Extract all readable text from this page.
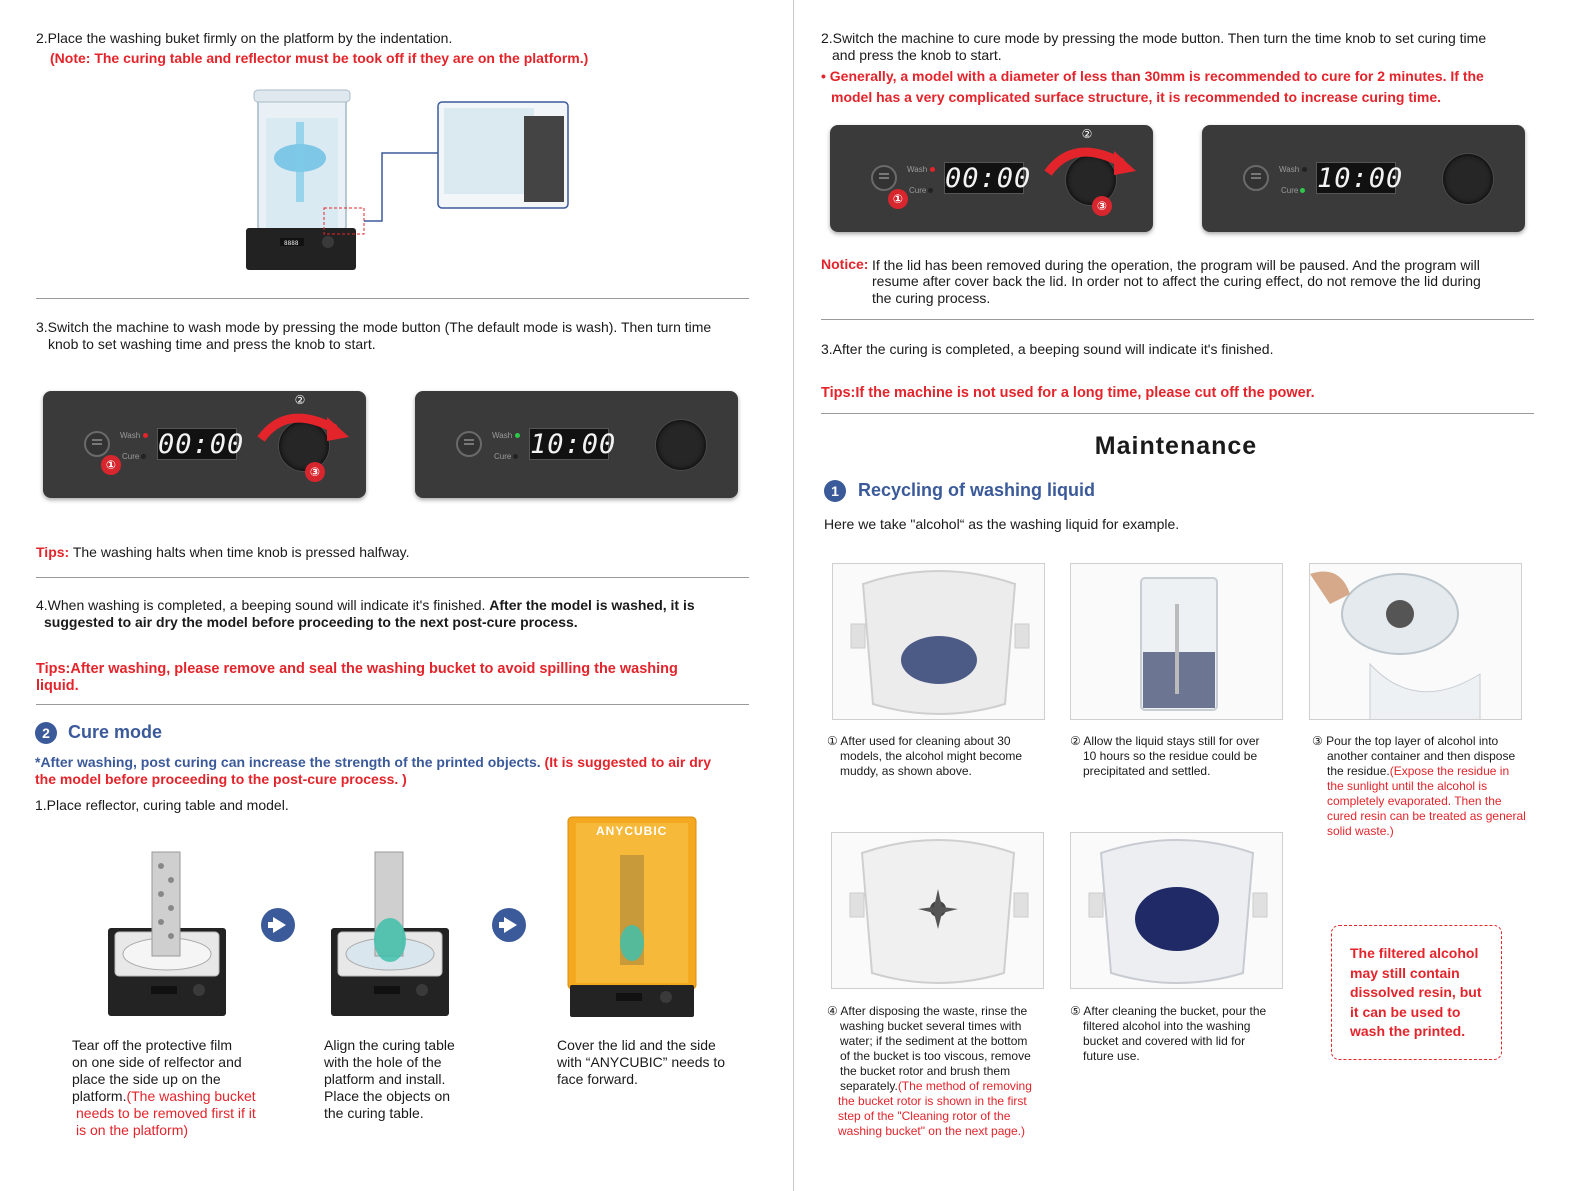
2.Place the washing buket firmly on the platform by the indentation.
(Note: The curing table and reflector must be took off if they are on the platform.)
8888
3.Switch the machine to wash mode by pressing the mode button (The default mode is wash). Then turn time
knob to set washing time and press the knob to start.
Wash
Cure 00:00
①
②
③
Wash
Cure 10:00
Tips: The washing halts when time knob is pressed halfway.
4.When washing is completed, a beeping sound will indicate it's finished. After the model is washed, it is
suggested to air dry the model before proceeding to the next post-cure process.
Tips:After washing, please remove and seal the washing bucket to avoid spilling the washing
liquid.
2	Cure mode
*After washing, post curing can increase the strength of the printed objects. (It is suggested to air dry
the model before proceeding to the post-cure process. )
1.Place reflector, curing table and model.
ANYCUBIC
Tear off the protective film
on one side of relfector and
place the side up on the
platform.(The washing bucket
needs to be removed first if it
is on the platform)
Align the curing table
with the hole of the
platform and install.
Place the objects on
the curing table.
Cover the lid and the side
with “ANYCUBIC” needs to
face forward.
2.Switch the machine to cure mode by pressing the mode button. Then turn the time knob to set curing time
and press the knob to start.
• Generally, a model with a diameter of less than 30mm is recommended to cure for 2 minutes. If the
model has a very complicated surface structure, it is recommended to increase curing time.
Wash
Cure 00:00
①
②
③
Wash
Cure 10:00
Notice: If the lid has been removed during the operation, the program will be paused. And the program will
resume after cover back the lid. In order not to affect the curing effect, do not remove the lid during
the curing process.
3.After the curing is completed, a beeping sound will indicate it's finished.
Tips:If the machine is not used for a long time, please cut off the power.
Maintenance
1	Recycling of washing liquid
Here we take "alcohol“ as the washing liquid for example.
① After used for cleaning about 30
models, the alcohol might become
muddy, as shown above.
② Allow the liquid stays still for over
10 hours so the residue could be
precipitated and settled.
③ Pour the top layer of alcohol into
another container and then dispose
the residue.(Expose the residue in
the sunlight until the alcohol is
completely evaporated. Then the
cured resin can be treated as general
solid waste.)
④ After disposing the waste, rinse the
washing bucket several times with
water; if the sediment at the bottom
of the bucket is too viscous, remove
the bucket rotor and brush them
separately.(The method of removing
the bucket rotor is shown in the first
step of the "Cleaning rotor of the
washing bucket" on the next page.)
⑤ After cleaning the bucket, pour the
filtered alcohol into the washing
bucket and covered with lid for
future use.
The filtered alcohol
may still contain
dissolved resin, but
it can be used to
wash the printed.
